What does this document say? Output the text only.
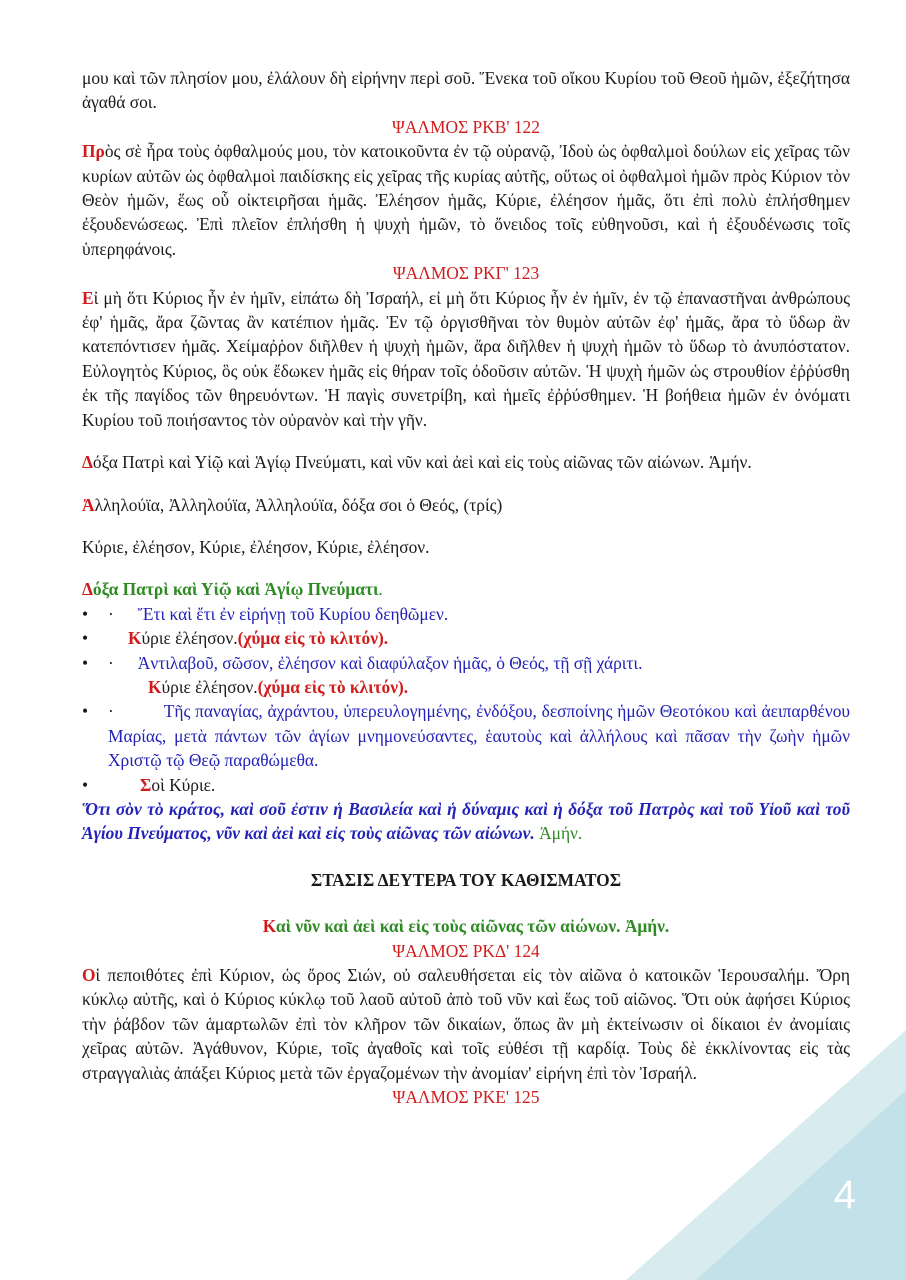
μου καὶ τῶν πλησίον μου, ἐλάλουν δὴ εἰρήνην περὶ σοῦ. Ἕνεκα τοῦ οἴκου Κυρίου τοῦ Θεοῦ ἡμῶν, ἐξεζήτησα ἀγαθά σοι.

ΨΑΛΜΟΣ ΡΚΒ' 122

Πρὸς σὲ ἦρα τοὺς ὀφθαλμούς μου, τὸν κατοικοῦντα ἐν τῷ οὐρανῷ, Ἰδοὺ ὡς ὀφθαλμοὶ δούλων εἰς χεῖρας τῶν κυρίων αὐτῶν ὡς ὀφθαλμοὶ παιδίσκης εἰς χεῖρας τῆς κυρίας αὐτῆς, οὕτως οἱ ὀφθαλμοὶ ἡμῶν πρὸς Κύριον τὸν Θεὸν ἡμῶν, ἕως οὗ οἰκτειρῆσαι ἡμᾶς. Ἐλέησον ἡμᾶς, Κύριε, ἐλέησον ἡμᾶς, ὅτι ἐπὶ πολὺ ἐπλήσθημεν ἐξουδενώσεως. Ἐπὶ πλεῖον ἐπλήσθη ἡ ψυχὴ ἡμῶν, τὸ ὄνειδος τοῖς εὐθηνοῦσι, καὶ ἡ ἐξουδένωσις τοῖς ὑπερηφάνοις.

ΨΑΛΜΟΣ ΡΚΓ' 123

Εἰ μὴ ὅτι Κύριος ἦν ἐν ἡμῖν, εἰπάτω δὴ Ἰσραήλ, εἰ μὴ ὅτι Κύριος ἦν ἐν ἡμῖν, ἐν τῷ ἐπαναστῆναι ἀνθρώπους ἐφ' ἡμᾶς, ἄρα ζῶντας ἂν κατέπιον ἡμᾶς. Ἐν τῷ ὀργισθῆναι τὸν θυμὸν αὐτῶν ἐφ' ἡμᾶς, ἄρα τὸ ὕδωρ ἂν κατεπόντισεν ἡμᾶς. Χείμαῤῥον διῆλθεν ἡ ψυχὴ ἡμῶν, ἄρα διῆλθεν ἡ ψυχὴ ἡμῶν τὸ ὕδωρ τὸ ἀνυπόστατον. Εὐλογητὸς Κύριος, ὃς οὐκ ἔδωκεν ἡμᾶς εἰς θήραν τοῖς ὀδοῦσιν αὐτῶν. Ἡ ψυχὴ ἡμῶν ὡς στρουθίον ἐῤῥύσθη ἐκ τῆς παγίδος τῶν θηρευόντων. Ἡ παγὶς συνετρίβη, καὶ ἡμεῖς ἐῤῥύσθημεν. Ἡ βοήθεια ἡμῶν ἐν ὀνόματι Κυρίου τοῦ ποιήσαντος τὸν οὐρανὸν καὶ τὴν γῆν.

Δόξα Πατρὶ καὶ Υἱῷ καὶ Ἁγίῳ Πνεύματι, καὶ νῦν καὶ ἀεὶ καὶ εἰς τοὺς αἰῶνας τῶν αἰώνων. Ἀμήν.

Ἀλληλούϊα, Ἀλληλούϊα, Ἀλληλούϊα, δόξα σοι ὁ Θεός, (τρίς)

Κύριε, ἐλέησον, Κύριε, ἐλέησον, Κύριε, ἐλέησον.

Δόξα Πατρὶ καὶ Υἱῷ καὶ Ἁγίῳ Πνεύματι.

• · Ἔτι καὶ ἔτι ἐν εἰρήνῃ τοῦ Κυρίου δεηθῶμεν.
• Κύριε ἐλέησον.(χύμα εἰς τὸ κλιτόν).
• · Ἀντιλαβοῦ, σῶσον, ἐλέησον καὶ διαφύλαξον ἡμᾶς, ὁ Θεός, τῇ σῇ χάριτι.

Κύριε ἐλέησον.(χύμα εἰς τὸ κλιτόν).

• ·	Τῆς παναγίας, ἀχράντου, ὑπερευλογημένης, ἐνδόξου, δεσποίνης ἡμῶν Θεοτόκου καὶ ἀειπαρθένου Μαρίας, μετὰ πάντων τῶν ἁγίων μνημονεύσαντες, ἑαυτοὺς καὶ ἀλλήλους καὶ πᾶσαν τὴν ζωὴν ἡμῶν Χριστῷ τῷ Θεῷ παραθώμεθα.
• Σοὶ Κύριε.

Ὅτι σὸν τὸ κράτος, καὶ σοῦ ἐστιν ἡ Βασιλεία καὶ ἡ δύναμις καὶ ἡ δόξα τοῦ Πατρὸς καὶ τοῦ Υἱοῦ καὶ τοῦ Ἁγίου Πνεύματος, νῦν καὶ ἀεὶ καὶ εἰς τοὺς αἰῶνας τῶν αἰώνων. Ἀμήν.

ΣΤΑΣΙΣ ΔΕΥΤΕΡΑ ΤΟΥ ΚΑΘΙΣΜΑΤΟΣ

Καὶ νῦν καὶ ἀεὶ καὶ εἰς τοὺς αἰῶνας τῶν αἰώνων. Ἀμήν.

ΨΑΛΜΟΣ ΡΚΔ' 124

Οἱ πεποιθότες ἐπὶ Κύριον, ὡς ὄρος Σιών, οὐ σαλευθήσεται εἰς τὸν αἰῶνα ὁ κατοικῶν Ἱερουσαλήμ. Ὄρη κύκλῳ αὐτῆς, καὶ ὁ Κύριος κύκλῳ τοῦ λαοῦ αὐτοῦ ἀπὸ τοῦ νῦν καὶ ἕως τοῦ αἰῶνος. Ὅτι οὐκ ἀφήσει Κύριος τὴν ῥάβδον τῶν ἁμαρτωλῶν ἐπὶ τὸν κλῆρον τῶν δικαίων, ὅπως ἂν μὴ ἐκτείνωσιν οἱ δίκαιοι ἐν ἀνομίαις χεῖρας αὐτῶν. Ἀγάθυνον, Κύριε, τοῖς ἀγαθοῖς καὶ τοῖς εὐθέσι τῇ καρδίᾳ. Τοὺς δὲ ἐκκλίνοντας εἰς τὰς στραγγαλιὰς ἀπάξει Κύριος μετὰ τῶν ἐργαζομένων τὴν ἀνομίαν' εἰρήνη ἐπὶ τὸν Ἰσραήλ.

ΨΑΛΜΟΣ ΡΚΕ' 125

4
